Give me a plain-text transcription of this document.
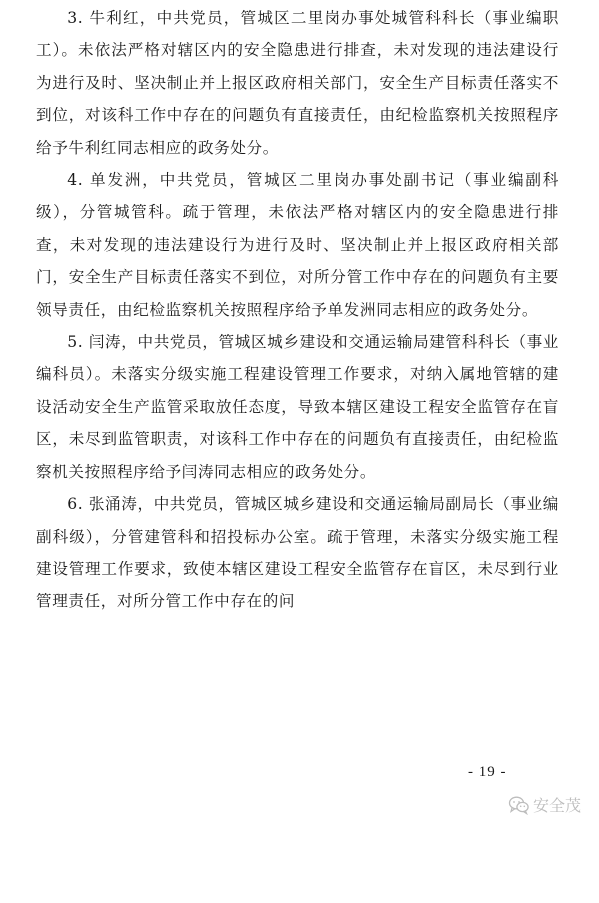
3. 牛利红，中共党员，管城区二里岗办事处城管科科长（事业编职工）。未依法严格对辖区内的安全隐患进行排查，未对发现的违法建设行为进行及时、坚决制止并上报区政府相关部门，安全生产目标责任落实不到位，对该科工作中存在的问题负有直接责任，由纪检监察机关按照程序给予牛利红同志相应的政务处分。

4. 单发洲，中共党员，管城区二里岗办事处副书记（事业编副科级），分管城管科。疏于管理，未依法严格对辖区内的安全隐患进行排查，未对发现的违法建设行为进行及时、坚决制止并上报区政府相关部门，安全生产目标责任落实不到位，对所分管工作中存在的问题负有主要领导责任，由纪检监察机关按照程序给予单发洲同志相应的政务处分。

5. 闫涛，中共党员，管城区城乡建设和交通运输局建管科科长（事业编科员）。未落实分级实施工程建设管理工作要求，对纳入属地管辖的建设活动安全生产监管采取放任态度，导致本辖区建设工程安全监管存在盲区，未尽到监管职责，对该科工作中存在的问题负有直接责任，由纪检监察机关按照程序给予闫涛同志相应的政务处分。

6. 张涌涛，中共党员，管城区城乡建设和交通运输局副局长（事业编副科级），分管建管科和招投标办公室。疏于管理，未落实分级实施工程建设管理工作要求，致使本辖区建设工程安全监管存在盲区，未尽到行业管理责任，对所分管工作中存在的问

- 19 -
安全茂
